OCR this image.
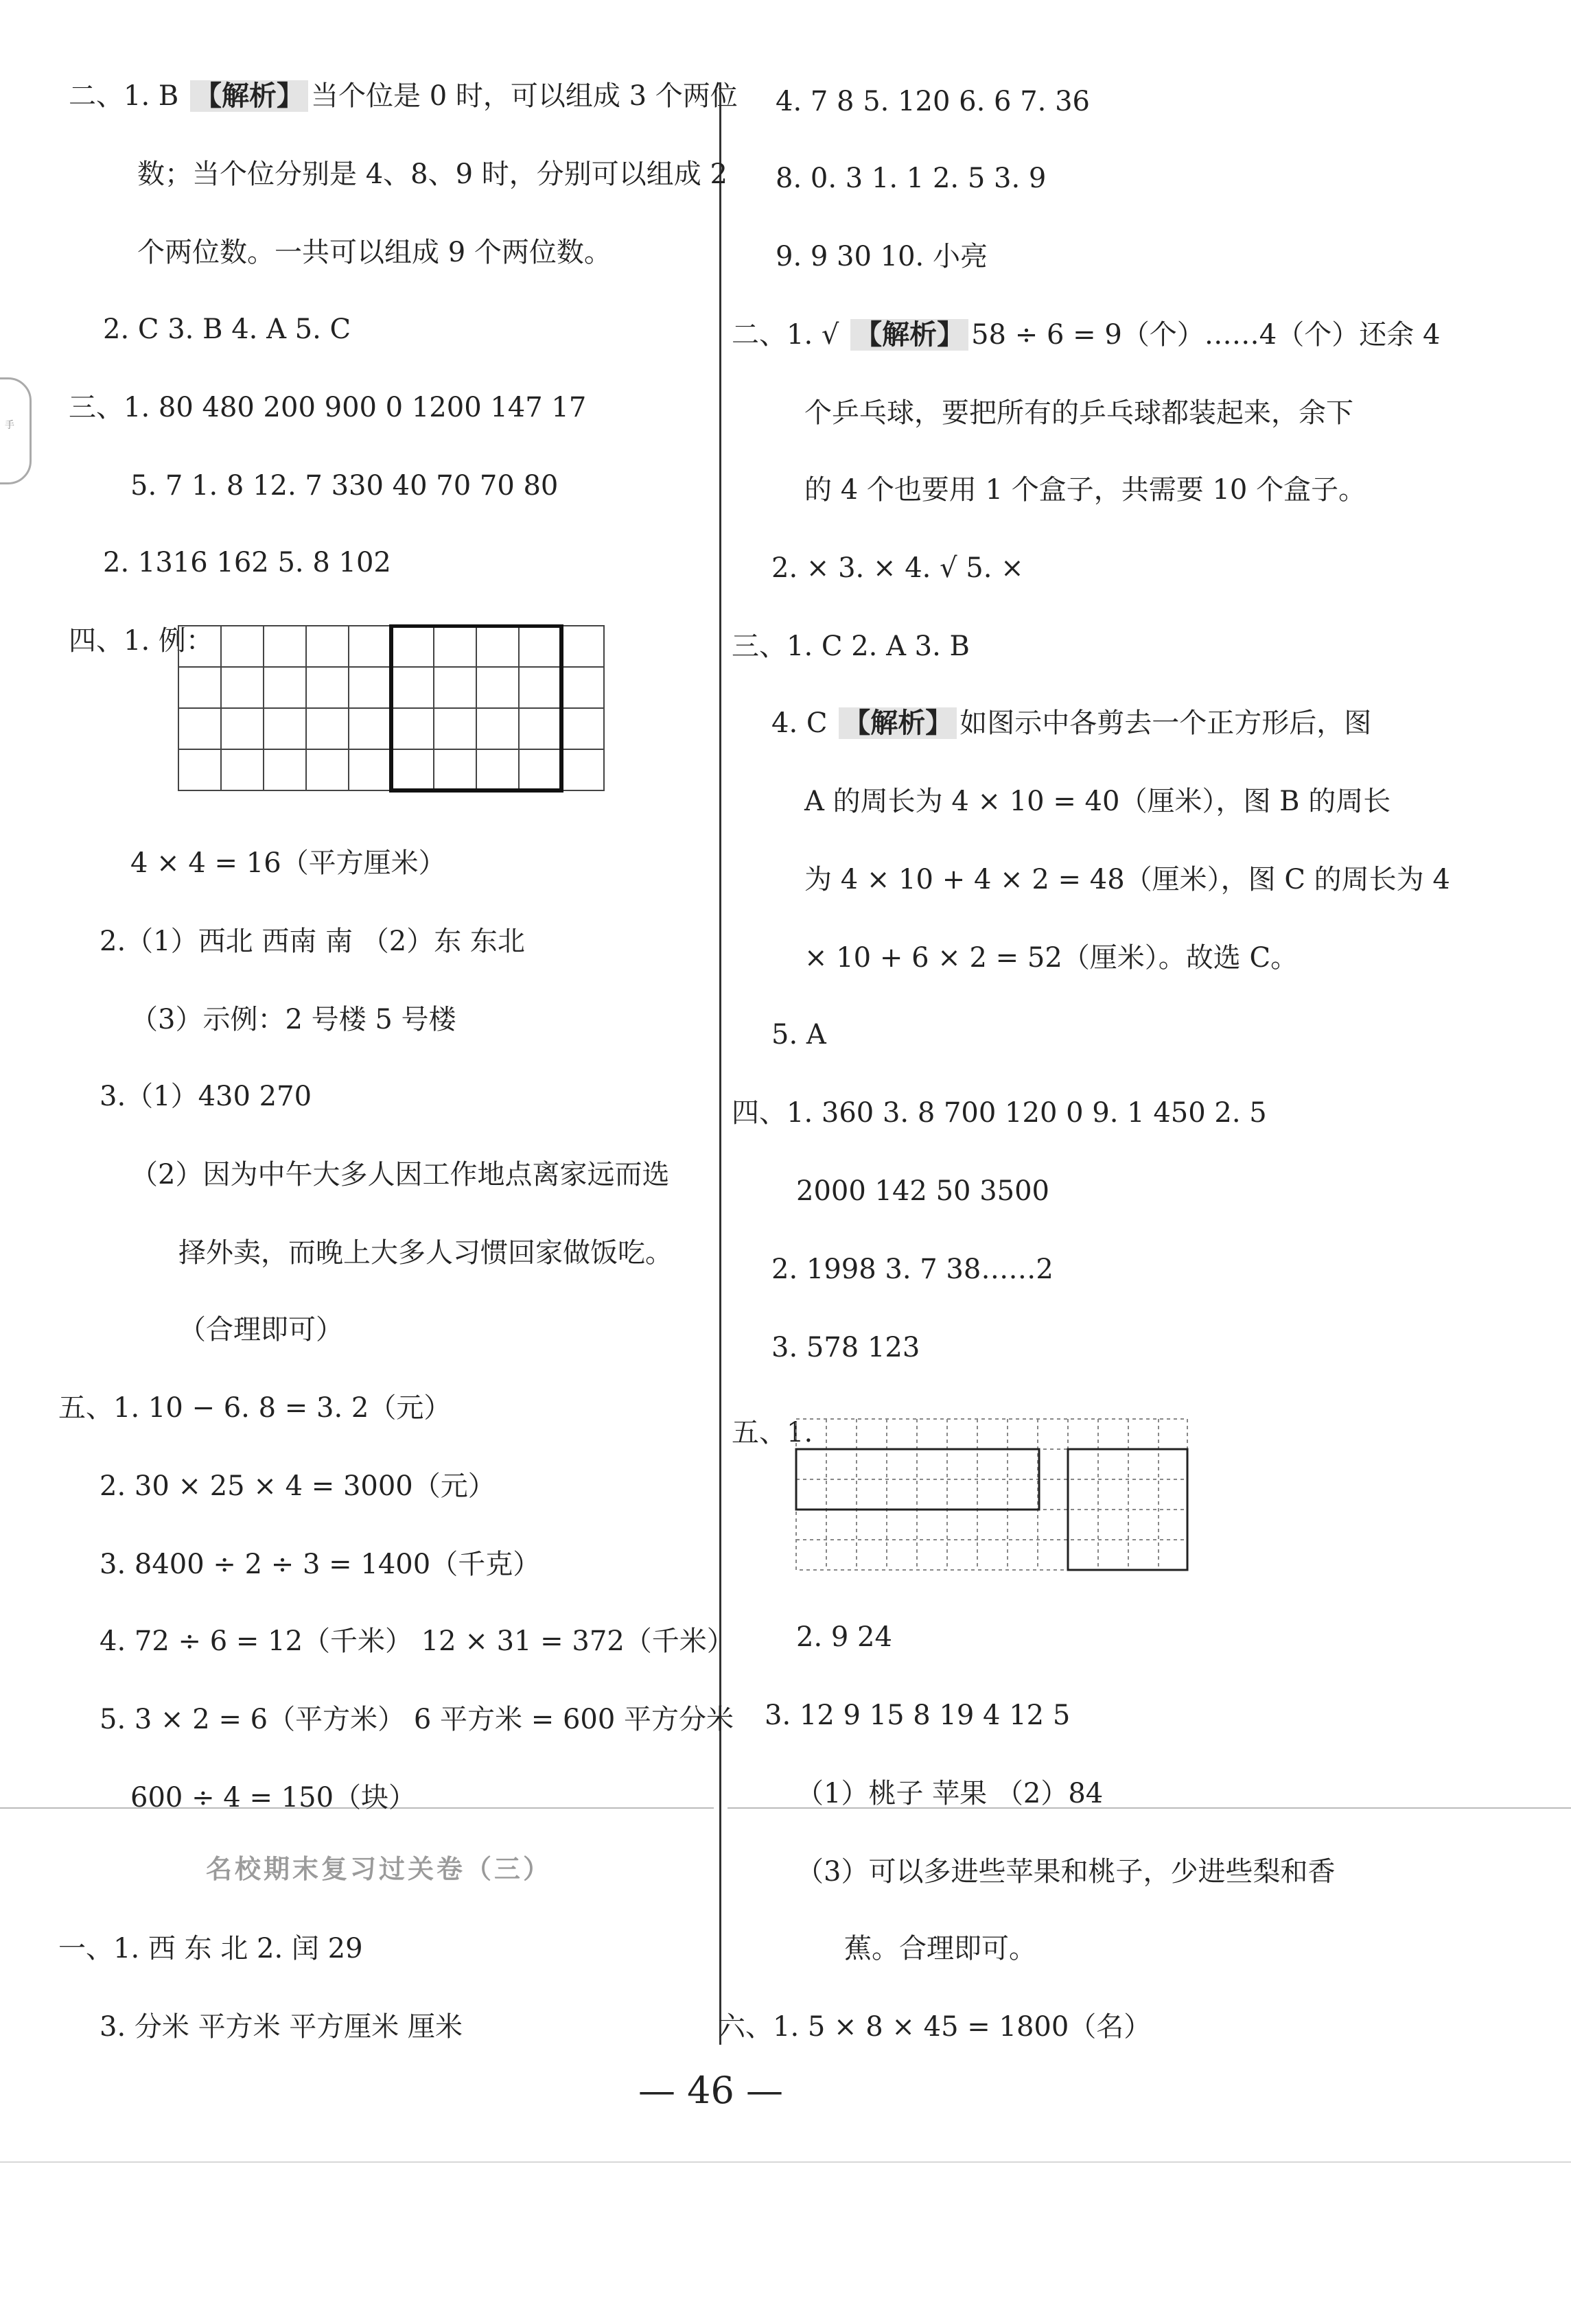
手
二、1. B 【解析】 当个位是 0 时，可以组成 3 个两位
数；当个位分别是 4、8、9 时，分别可以组成 2
个两位数。一共可以组成 9 个两位数。
2. C 3. B 4. A 5. C
三、1. 80 480 200 900 0 1200 147 17
5. 7 1. 8 12. 7 330 40 70 70 80
2. 1316 162 5. 8 102
四、1. 例：
4 × 4 = 16（平方厘米）
2.（1）西北 西南 南 （2）东 东北
（3）示例：2 号楼 5 号楼
3.（1）430 270
（2）因为中午大多人因工作地点离家远而选
择外卖，而晚上大多人习惯回家做饭吃。
（合理即可）
五、1. 10 − 6. 8 = 3. 2（元）
2. 30 × 25 × 4 = 3000（元）
3. 8400 ÷ 2 ÷ 3 = 1400（千克）
4. 72 ÷ 6 = 12（千米） 12 × 31 = 372（千米）
5. 3 × 2 = 6（平方米） 6 平方米 = 600 平方分米
600 ÷ 4 = 150（块）
名校期末复习过关卷（三）
一、1. 西 东 北 2. 闰 29
3. 分米 平方米 平方厘米 厘米
4. 7 8 5. 120 6. 6 7. 36
8. 0. 3 1. 1 2. 5 3. 9
9. 9 30 10. 小亮
二、1. √ 【解析】 58 ÷ 6 = 9（个）……4（个）还余 4
个乒乓球，要把所有的乒乓球都装起来，余下
的 4 个也要用 1 个盒子，共需要 10 个盒子。
2. × 3. × 4. √ 5. ×
三、1. C 2. A 3. B
4. C 【解析】 如图示中各剪去一个正方形后，图
A 的周长为 4 × 10 = 40（厘米），图 B 的周长
为 4 × 10 + 4 × 2 = 48（厘米），图 C 的周长为 4
× 10 + 6 × 2 = 52（厘米）。故选 C。
5. A
四、1. 360 3. 8 700 120 0 9. 1 450 2. 5
2000 142 50 3500
2. 1998 3. 7 38……2
3. 578 123
五、1.
2. 9 24
3. 12 9 15 8 19 4 12 5
（1）桃子 苹果 （2）84
（3）可以多进些苹果和桃子，少进些梨和香
蕉。合理即可。
六、1. 5 × 8 × 45 = 1800（名）
— 46 —
